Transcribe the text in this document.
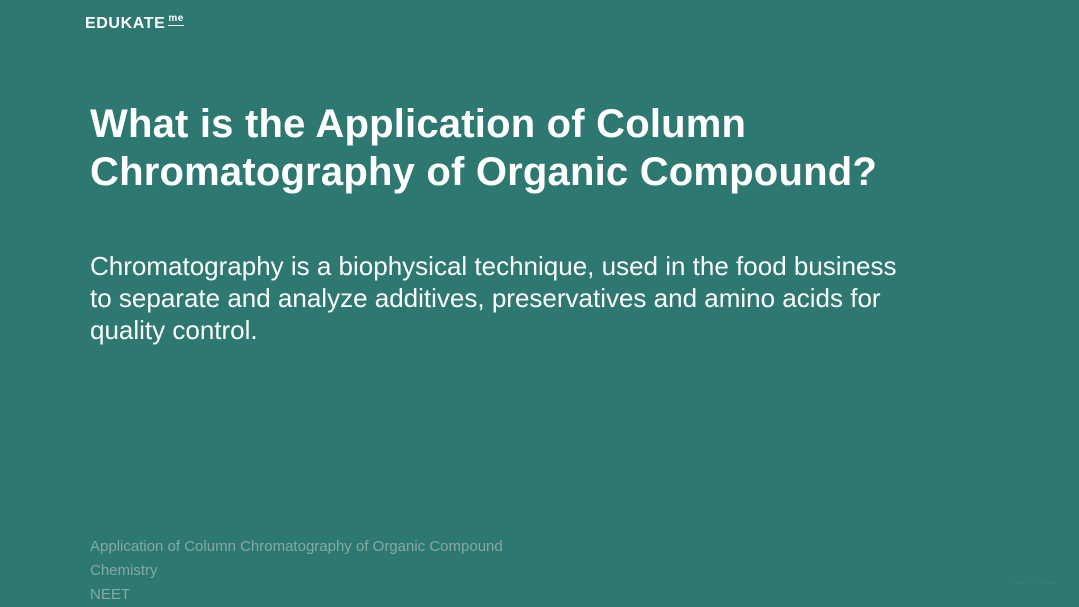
EDUKATE $^{me}$
What is the Application of Column
Chromatography of Organic Compound?

Chromatography is a biophysical technique, used in the food business
to separate and analyze additives, preservatives and amino acids for
quality control.

Application of Column Chromatography of Organic Compound
Chemistry
NEET
∙∙∙∙ ∙∙∙∙∙
